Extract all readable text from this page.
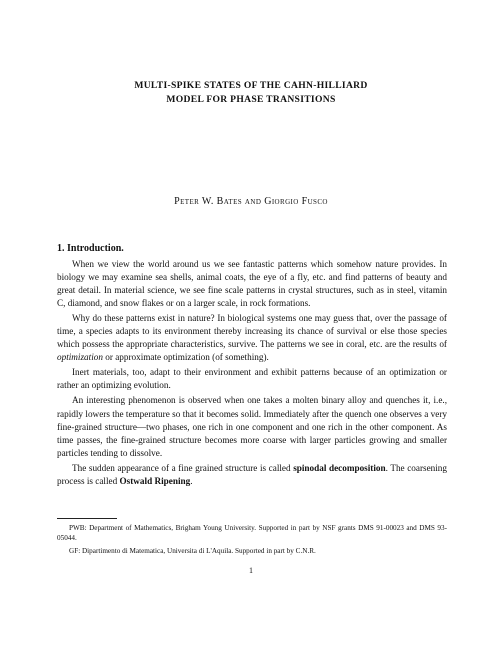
MULTI-SPIKE STATES OF THE CAHN-HILLIARD
MODEL FOR PHASE TRANSITIONS
Peter W. Bates and Giorgio Fusco
1. Introduction.

When we view the world around us we see fantastic patterns which somehow nature provides. In biology we may examine sea shells, animal coats, the eye of a fly, etc. and find patterns of beauty and great detail. In material science, we see fine scale patterns in crystal structures, such as in steel, vitamin C, diamond, and snow flakes or on a larger scale, in rock formations.

Why do these patterns exist in nature? In biological systems one may guess that, over the passage of time, a species adapts to its environment thereby increasing its chance of survival or else those species which possess the appropriate characteristics, survive. The patterns we see in coral, etc. are the results of optimization or approximate optimization (of something).

Inert materials, too, adapt to their environment and exhibit patterns because of an optimization or rather an optimizing evolution.

An interesting phenomenon is observed when one takes a molten binary alloy and quenches it, i.e., rapidly lowers the temperature so that it becomes solid. Immediately after the quench one observes a very fine-grained structure—two phases, one rich in one component and one rich in the other component. As time passes, the fine-grained structure becomes more coarse with larger particles growing and smaller particles tending to dissolve.

The sudden appearance of a fine grained structure is called spinodal decomposition. The coarsening process is called Ostwald Ripening.

PWB: Department of Mathematics, Brigham Young University. Supported in part by NSF grants DMS 91-00023 and DMS 93-05044.

GF: Dipartimento di Matematica, Universita di L'Aquila. Supported in part by C.N.R.

1
